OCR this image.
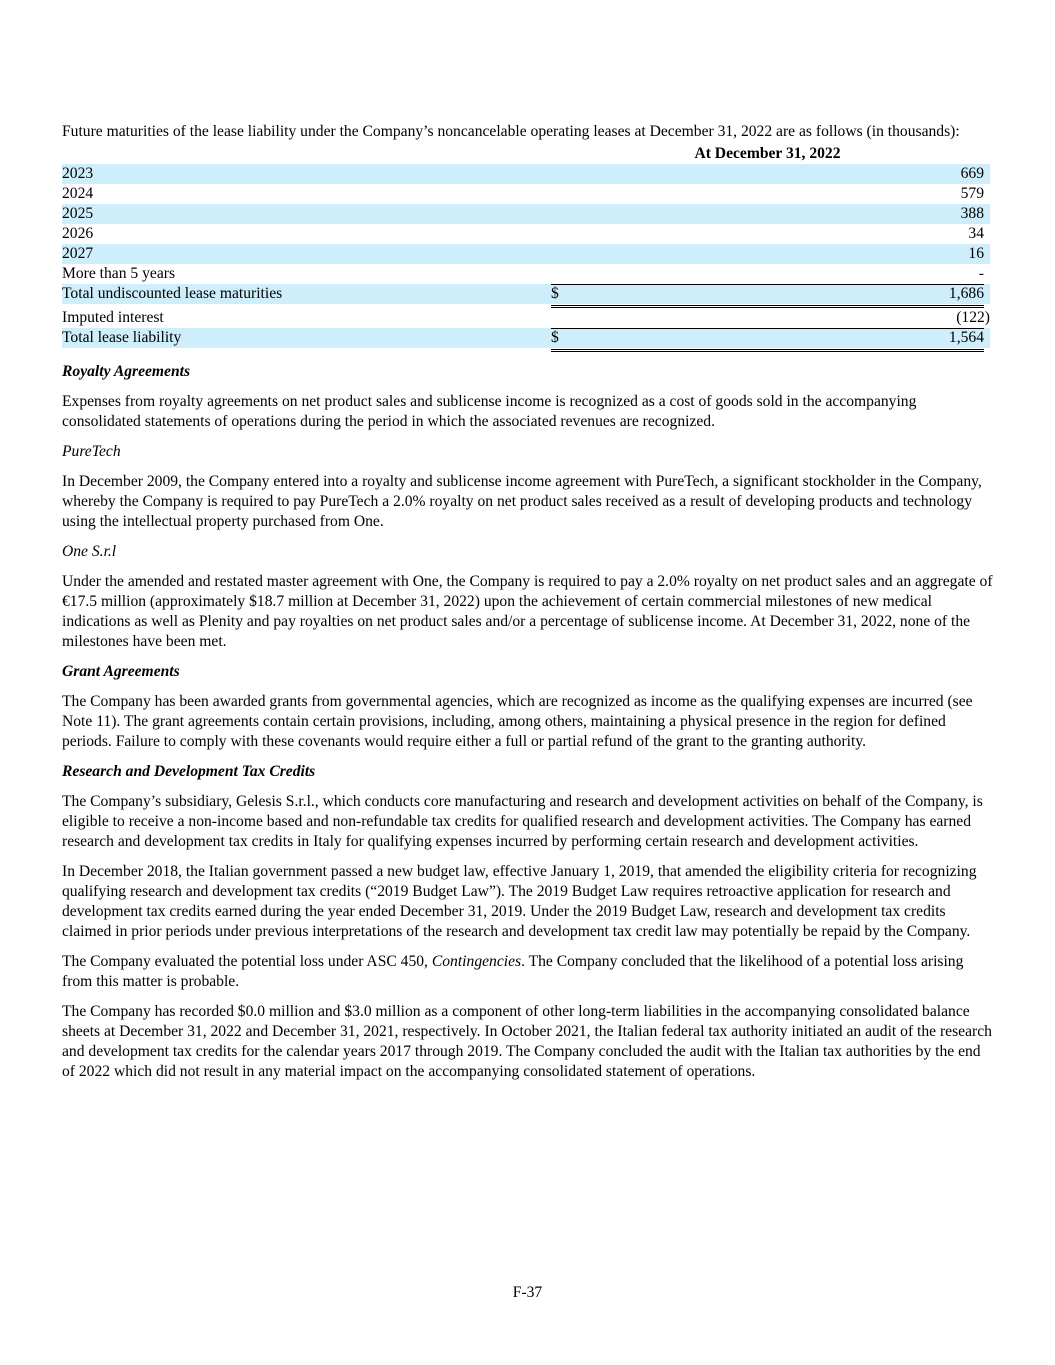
Future maturities of the lease liability under the Company’s noncancelable operating leases at December 31, 2022 are as follows (in thousands):

At December 31, 2022
2023	669
2024	579
2025	388
2026	34
2027	16
More than 5 years	-
Total undiscounted lease maturities	$	1,686
Imputed interest	(122)
Total lease liability	$	1,564

Royalty Agreements

Expenses from royalty agreements on net product sales and sublicense income is recognized as a cost of goods sold in the accompanying consolidated statements of operations during the period in which the associated revenues are recognized.

PureTech

In December 2009, the Company entered into a royalty and sublicense income agreement with PureTech, a significant stockholder in the Company, whereby the Company is required to pay PureTech a 2.0% royalty on net product sales received as a result of developing products and technology using the intellectual property purchased from One.

One S.r.l

Under the amended and restated master agreement with One, the Company is required to pay a 2.0% royalty on net product sales and an aggregate of €17.5 million (approximately $18.7 million at December 31, 2022) upon the achievement of certain commercial milestones of new medical indications as well as Plenity and pay royalties on net product sales and/or a percentage of sublicense income. At December 31, 2022, none of the milestones have been met.

Grant Agreements

The Company has been awarded grants from governmental agencies, which are recognized as income as the qualifying expenses are incurred (see Note 11). The grant agreements contain certain provisions, including, among others, maintaining a physical presence in the region for defined periods. Failure to comply with these covenants would require either a full or partial refund of the grant to the granting authority.

Research and Development Tax Credits

The Company’s subsidiary, Gelesis S.r.l., which conducts core manufacturing and research and development activities on behalf of the Company, is eligible to receive a non-income based and non-refundable tax credits for qualified research and development activities. The Company has earned research and development tax credits in Italy for qualifying expenses incurred by performing certain research and development activities.

In December 2018, the Italian government passed a new budget law, effective January 1, 2019, that amended the eligibility criteria for recognizing qualifying research and development tax credits (“2019 Budget Law”). The 2019 Budget Law requires retroactive application for research and development tax credits earned during the year ended December 31, 2019. Under the 2019 Budget Law, research and development tax credits claimed in prior periods under previous interpretations of the research and development tax credit law may potentially be repaid by the Company.

The Company evaluated the potential loss under ASC 450, Contingencies. The Company concluded that the likelihood of a potential loss arising from this matter is probable.

The Company has recorded $0.0 million and $3.0 million as a component of other long-term liabilities in the accompanying consolidated balance sheets at December 31, 2022 and December 31, 2021, respectively. In October 2021, the Italian federal tax authority initiated an audit of the research and development tax credits for the calendar years 2017 through 2019. The Company concluded the audit with the Italian tax authorities by the end of 2022 which did not result in any material impact on the accompanying consolidated statement of operations.

F-37
